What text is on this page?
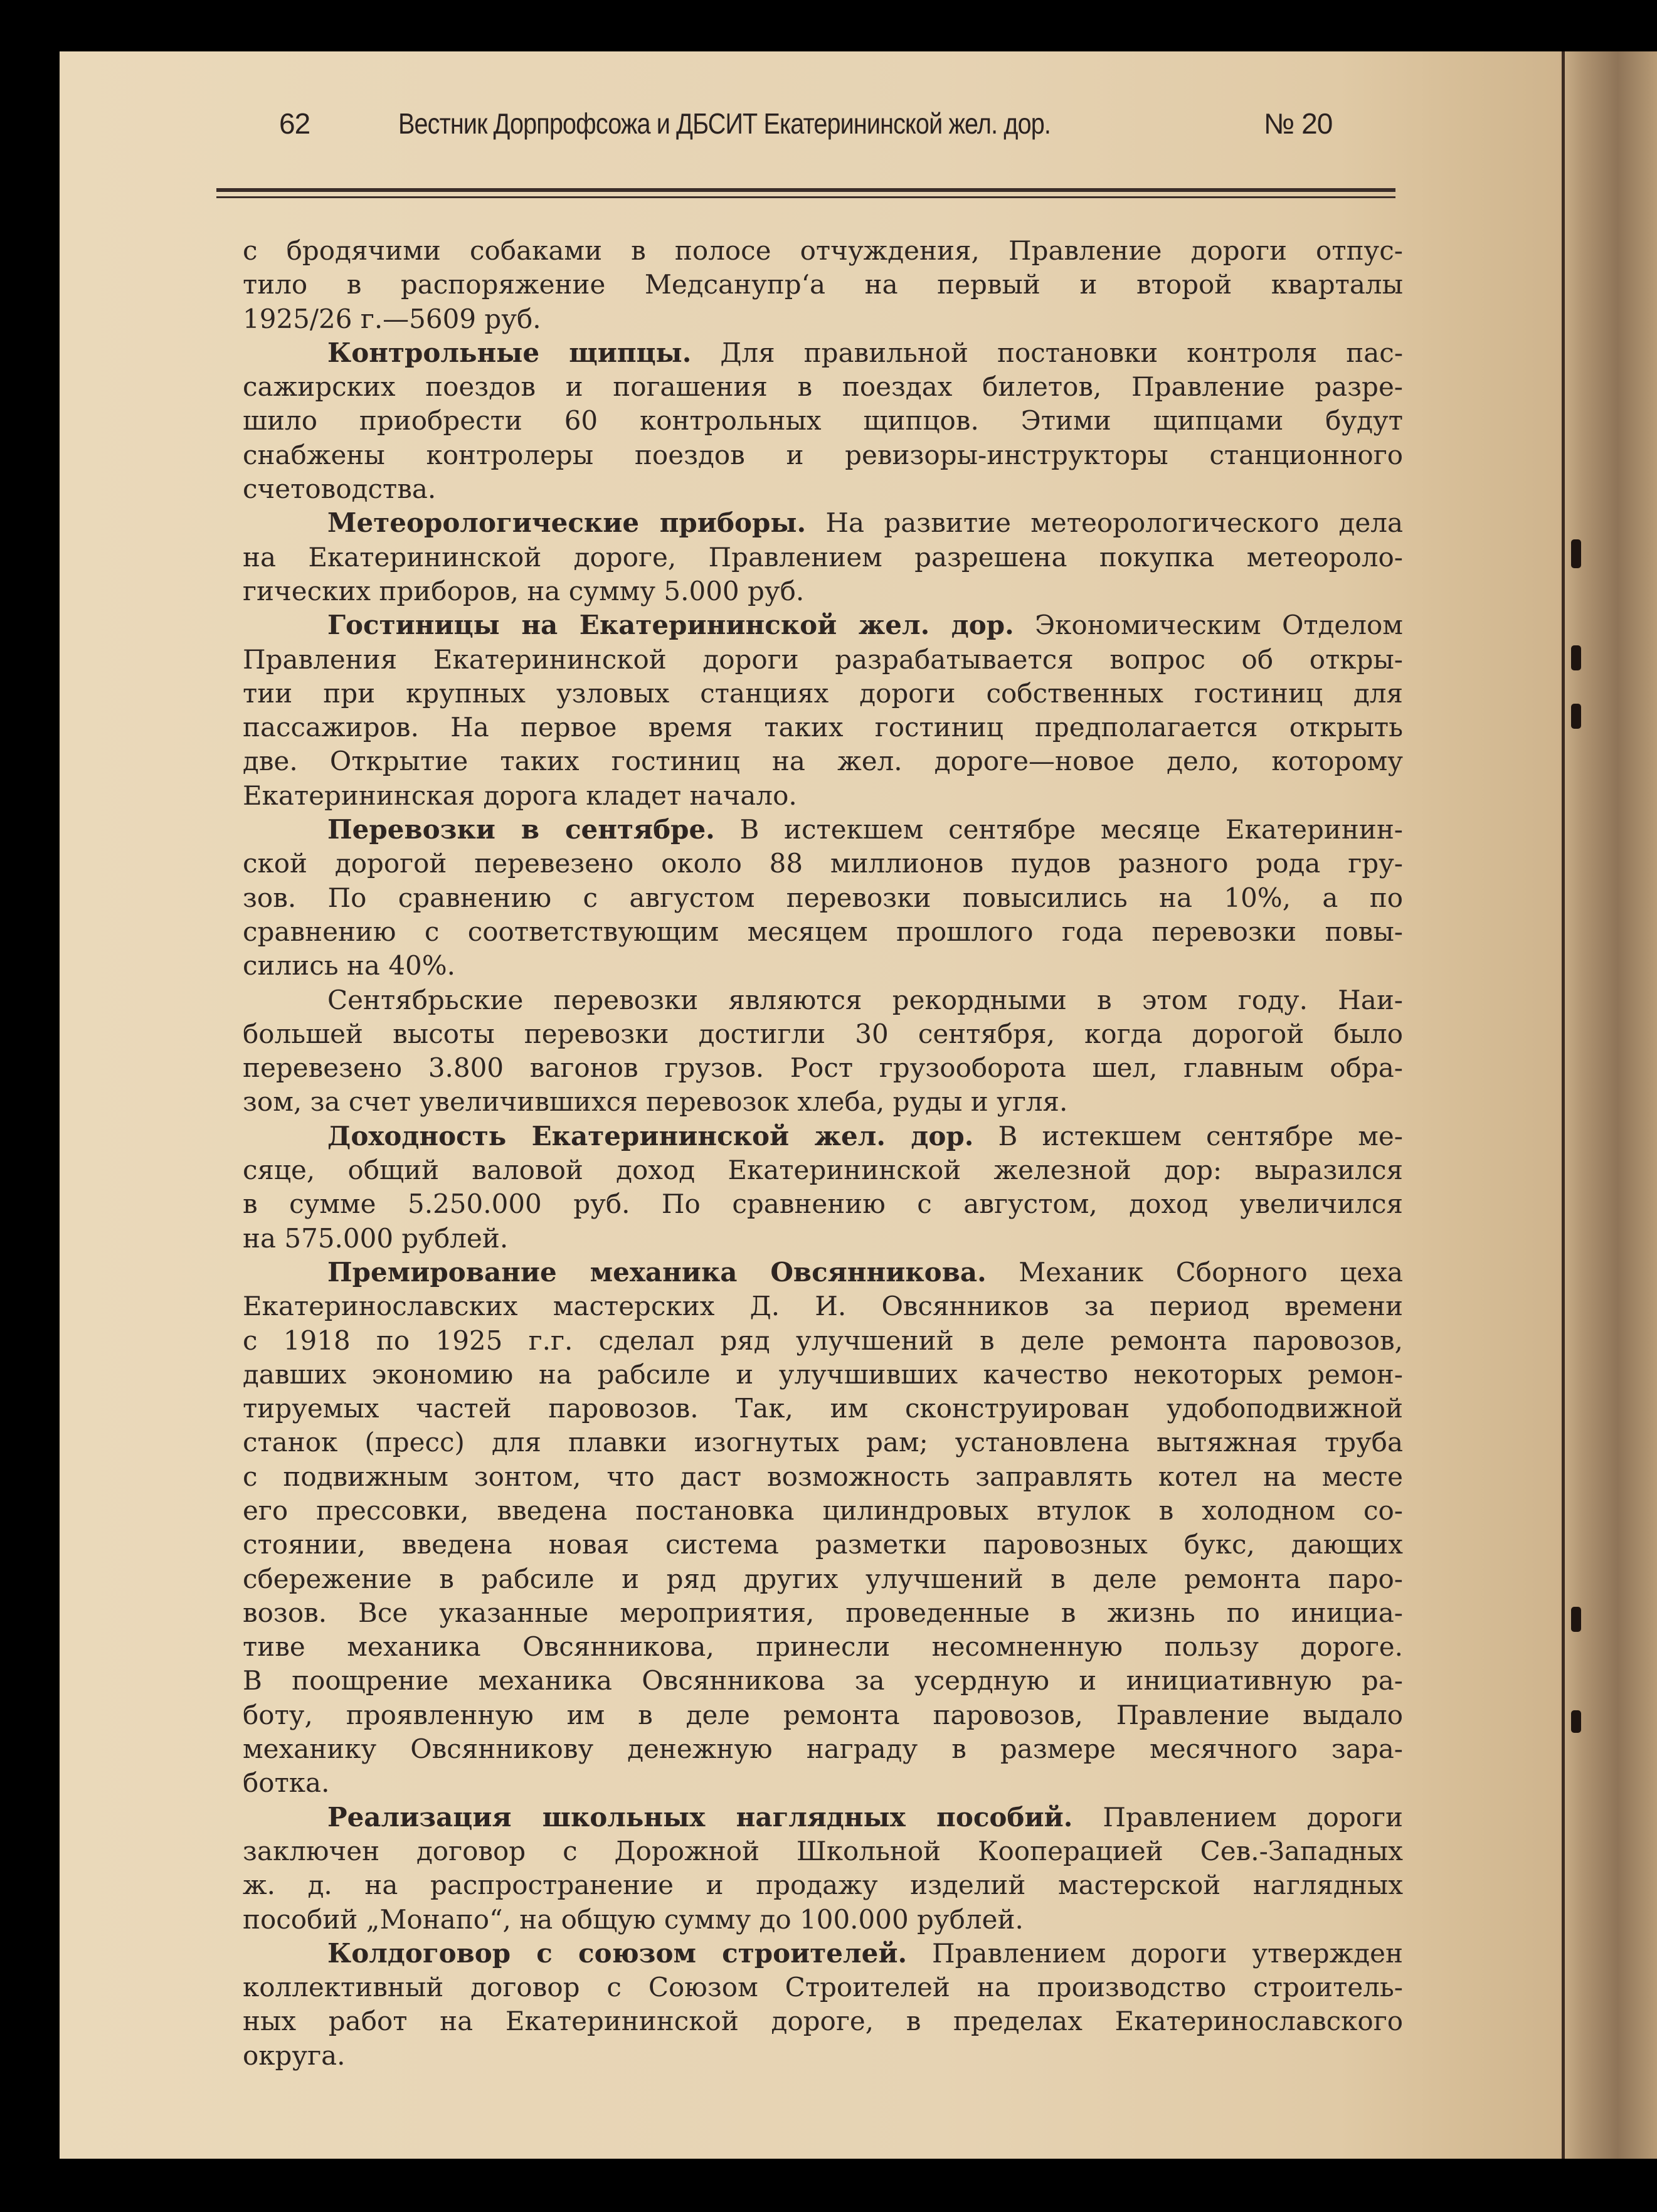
62	Вестник Дорпрофсожа и ДБСИТ Екатерининской жел. дор.	№ 20

с бродячими собаками в полосе отчуждения, Правление дороги отпус-

тило в распоряжение Медсанупр‘а на первый и второй кварталы

1925/26 г.—5609 руб.

Контрольные щипцы. Для правильной постановки контроля пас-

сажирских поездов и погашения в поездах билетов, Правление разре-

шило приобрести 60 контрольных щипцов. Этими щипцами будут

снабжены контролеры поездов и ревизоры-инструкторы станционного

счетоводства.

Метеорологические приборы. На развитие метеорологического дела

на Екатерининской дороге, Правлением разрешена покупка метеороло-

гических приборов, на сумму 5.000 руб.

Гостиницы на Екатерининской жел. дор. Экономическим Отделом

Правления Екатерининской дороги разрабатывается вопрос об откры-

тии при крупных узловых станциях дороги собственных гостиниц для

пассажиров. На первое время таких гостиниц предполагается открыть

две. Открытие таких гостиниц на жел. дороге—новое дело, которому

Екатерининская дорога кладет начало.

Перевозки в сентябре. В истекшем сентябре месяце Екатеринин-

ской дорогой перевезено около 88 миллионов пудов разного рода гру-

зов. По сравнению с августом перевозки повысились на 10%, а по

сравнению с соответствующим месяцем прошлого года перевозки повы-

сились на 40%.

Сентябрьские перевозки являются рекордными в этом году. Наи-

большей высоты перевозки достигли 30 сентября, когда дорогой было

перевезено 3.800 вагонов грузов. Рост грузооборота шел, главным обра-

зом, за счет увеличившихся перевозок хлеба, руды и угля.

Доходность Екатерининской жел. дор. В истекшем сентябре ме-

сяце, общий валовой доход Екатерининской железной дор: выразился

в сумме 5.250.000 руб. По сравнению с августом, доход увеличился

на 575.000 рублей.

Премирование механика Овсянникова. Механик Сборного цеха

Екатеринославских мастерских Д. И. Овсянников за период времени

с 1918 по 1925 г.г. сделал ряд улучшений в деле ремонта паровозов,

давших экономию на рабсиле и улучшивших качество некоторых ремон-

тируемых частей паровозов. Так, им сконструирован удобоподвижной

станок (пресс) для плавки изогнутых рам; установлена вытяжная труба

с подвижным зонтом, что даст возможность заправлять котел на месте

его прессовки, введена постановка цилиндровых втулок в холодном со-

стоянии, введена новая система разметки паровозных букс, дающих

сбережение в рабсиле и ряд других улучшений в деле ремонта паро-

возов. Все указанные мероприятия, проведенные в жизнь по инициа-

тиве механика Овсянникова, принесли несомненную пользу дороге.

В поощрение механика Овсянникова за усердную и инициативную ра-

боту, проявленную им в деле ремонта паровозов, Правление выдало

механику Овсянникову денежную награду в размере месячного зара-

ботка.

Реализация школьных наглядных пособий. Правлением дороги

заключен договор с Дорожной Школьной Кооперацией Сев.-Западных

ж. д. на распространение и продажу изделий мастерской наглядных

пособий „Монапо“, на общую сумму до 100.000 рублей.

Колдоговор с союзом строителей. Правлением дороги утвержден

коллективный договор с Союзом Строителей на производство строитель-

ных работ на Екатерининской дороге, в пределах Екатеринославского

округа.
